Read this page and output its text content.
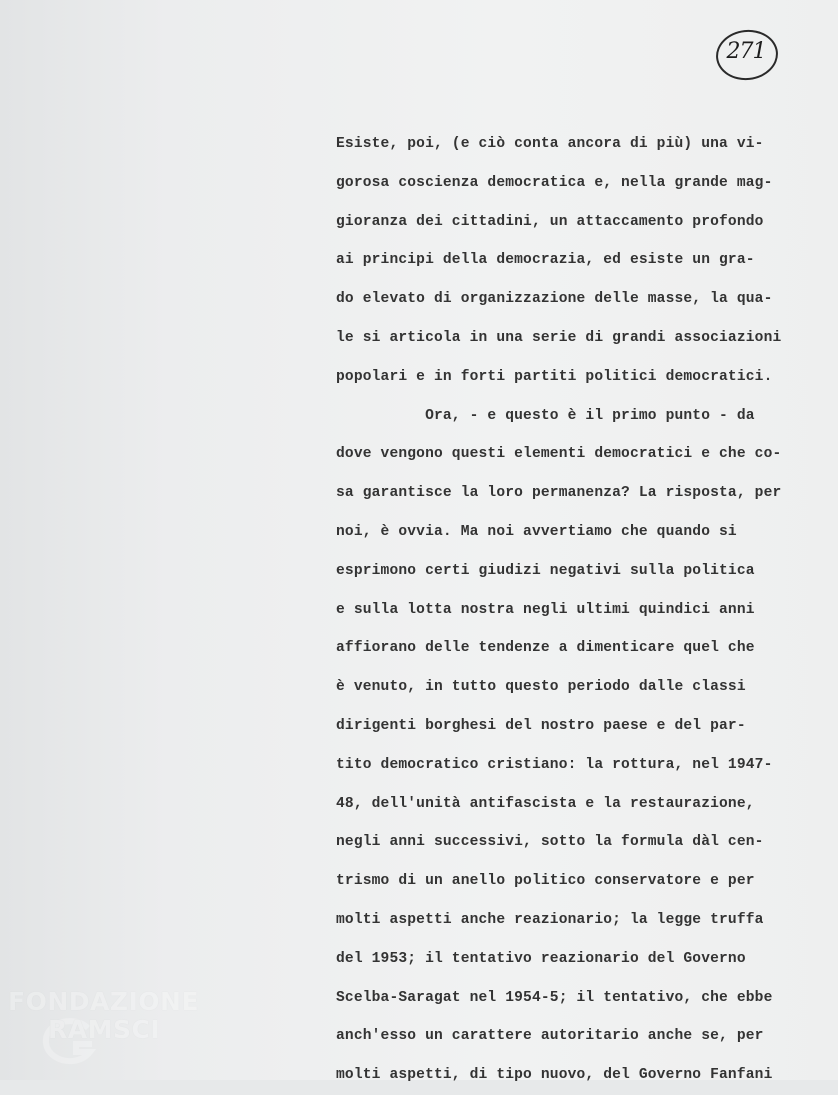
271
Esiste, poi, (e ciò conta ancora di più) una vi-
gorosa coscienza democratica e, nella grande mag-
gioranza dei cittadini, un attaccamento profondo
ai principi della democrazia, ed esiste un gra-
do elevato di organizzazione delle masse, la qua-
le si articola in una serie di grandi associazioni
popolari e in forti partiti politici democratici.
Ora, - e questo è il primo punto - da
dove vengono questi elementi democratici e che co-
sa garantisce la loro permanenza? La risposta, per
noi, è ovvia. Ma noi avvertiamo che quando si
esprimono certi giudizi negativi sulla politica
e sulla lotta nostra negli ultimi quindici anni
affiorano delle tendenze a dimenticare quel che
è venuto, in tutto questo periodo dalle classi
dirigenti borghesi del nostro paese e del par-
tito democratico cristiano: la rottura, nel 1947-
48, dell'unità antifascista e la restaurazione,
negli anni successivi, sotto la formula dàl cen-
trismo di un anello politico conservatore e per
molti aspetti anche reazionario; la legge truffa
del 1953; il tentativo reazionario del Governo
Scelba-Saragat nel 1954-5; il tentativo, che ebbe
anch'esso un carattere autoritario anche se, per
molti aspetti, di tipo nuovo, del Governo Fanfani
FONDAZIONE
RAMSCI
